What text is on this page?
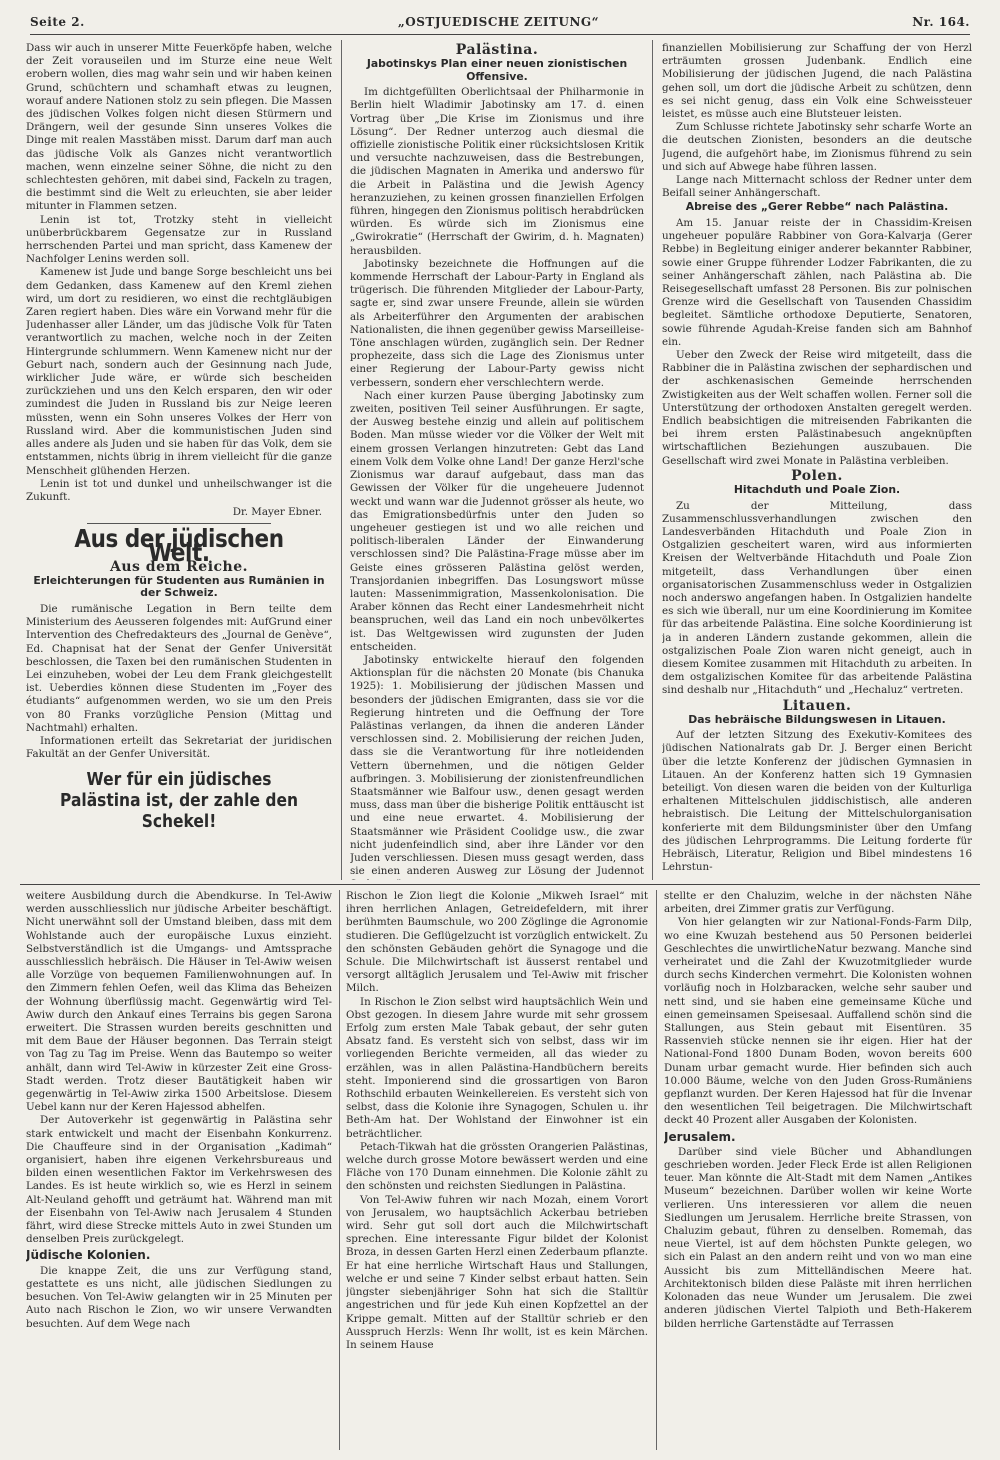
Seite 2.	„OSTJUEDISCHE ZEITUNG“	Nr. 164.

Dass wir auch in unserer Mitte Feuerköpfe haben, welche der Zeit vorauseilen und im Sturze eine neue Welt erobern wollen, dies mag wahr sein und wir haben keinen Grund, schüchtern und schamhaft etwas zu leugnen, worauf andere Nationen stolz zu sein pflegen. Die Massen des jüdischen Volkes folgen nicht diesen Stürmern und Drängern, weil der gesunde Sinn unseres Volkes die Dinge mit realen Masstäben misst. Darum darf man auch das jüdische Volk als Ganzes nicht verantwortlich machen, wenn einzelne seiner Söhne, die nicht zu den schlechtesten gehören, mit dabei sind, Fackeln zu tragen, die bestimmt sind die Welt zu erleuchten, sie aber leider mitunter in Flammen setzen.

Lenin ist tot, Trotzky steht in vielleicht unüberbrückbarem Gegensatze zur in Russland herrschenden Partei und man spricht, dass Kamenew der Nachfolger Lenins werden soll.

Kamenew ist Jude und bange Sorge beschleicht uns bei dem Gedanken, dass Kamenew auf den Kreml ziehen wird, um dort zu residieren, wo einst die rechtgläubigen Zaren regiert haben. Dies wäre ein Vorwand mehr für die Judenhasser aller Länder, um das jüdische Volk für Taten verantwortlich zu machen, welche noch in der Zeiten Hintergrunde schlummern. Wenn Kamenew nicht nur der Geburt nach, sondern auch der Gesinnung nach Jude, wirklicher Jude wäre, er würde sich bescheiden zurückziehen und uns den Kelch ersparen, den wir oder zumindest die Juden in Russland bis zur Neige leeren müssten, wenn ein Sohn unseres Volkes der Herr von Russland wird. Aber die kommunistischen Juden sind alles andere als Juden und sie haben für das Volk, dem sie entstammen, nichts übrig in ihrem vielleicht für die ganze Menschheit glühenden Herzen.

Lenin ist tot und dunkel und unheilschwanger ist die Zukunft.

Dr. Mayer Ebner.
Aus der jüdischen Welt.
Aus dem Reiche.
Erleichterungen für Studenten aus Rumänien in der Schweiz.

Die rumänische Legation in Bern teilte dem Ministerium des Aeusseren folgendes mit: AufGrund einer Intervention des Chefredakteurs des „Journal de Genève“, Ed. Chapnisat hat der Senat der Genfer Universität beschlossen, die Taxen bei den rumänischen Studenten in Lei einzuheben, wobei der Leu dem Frank gleichgestellt ist. Ueberdies können diese Studenten im „Foyer des étudiants“ aufgenommen werden, wo sie um den Preis von 80 Franks vorzügliche Pension (Mittag und Nachtmahl) erhalten.

Informationen erteilt das Sekretariat der juridischen Fakultät an der Genfer Universität.

Wer für ein jüdisches Palästina ist, der zahle den Schekel!
Palästina.
Jabotinskys Plan einer neuen zionistischen Offensive.

Im dichtgefüllten Oberlichtsaal der Philharmonie in Berlin hielt Wladimir Jabotinsky am 17. d. einen Vortrag über „Die Krise im Zionismus und ihre Lösung“. Der Redner unterzog auch diesmal die offizielle zionistische Politik einer rücksichtslosen Kritik und versuchte nachzuweisen, dass die Bestrebungen, die jüdischen Magnaten in Amerika und anderswo für die Arbeit in Palästina und die Jewish Agency heranzuziehen, zu keinen grossen finanziellen Erfolgen führen, hingegen den Zionismus politisch herabdrücken würden. Es würde sich im Zionismus eine „Gwirokratie“ (Herrschaft der Gwirim, d. h. Magnaten) herausbilden.

Jabotinsky bezeichnete die Hoffnungen auf die kommende Herrschaft der Labour-Party in England als trügerisch. Die führenden Mitglieder der Labour-Party, sagte er, sind zwar unsere Freunde, allein sie würden als Arbeiterführer den Argumenten der arabischen Nationalisten, die ihnen gegenüber gewiss Marseilleise-Töne anschlagen würden, zugänglich sein. Der Redner prophezeite, dass sich die Lage des Zionismus unter einer Regierung der Labour-Party gewiss nicht verbessern, sondern eher verschlechtern werde.

Nach einer kurzen Pause überging Jabotinsky zum zweiten, positiven Teil seiner Ausführungen. Er sagte, der Ausweg bestehe einzig und allein auf politischem Boden. Man müsse wieder vor die Völker der Welt mit einem grossen Verlangen hinzutreten: Gebt das Land einem Volk dem Volke ohne Land! Der ganze Herzl'sche Zionismus war darauf aufgebaut, dass man das Gewissen der Völker für die ungeheuere Judennot weckt und wann war die Judennot grösser als heute, wo das Emigrationsbedürfnis unter den Juden so ungeheuer gestiegen ist und wo alle reichen und politisch-liberalen Länder der Einwanderung verschlossen sind? Die Palästina-Frage müsse aber im Geiste eines grösseren Palästina gelöst werden, Transjordanien inbegriffen. Das Losungswort müsse lauten: Massenimmigration, Massenkolonisation. Die Araber können das Recht einer Landesmehrheit nicht beanspruchen, weil das Land ein noch unbevölkertes ist. Das Weltgewissen wird zugunsten der Juden entscheiden.

Jabotinsky entwickelte hierauf den folgenden Aktionsplan für die nächsten 20 Monate (bis Chanuka 1925): 1. Mobilisierung der jüdischen Massen und besonders der jüdischen Emigranten, dass sie vor die Regierung hintreten und die Oeffnung der Tore Palästinas verlangen, da ihnen die anderen Länder verschlossen sind. 2. Mobilisierung der reichen Juden, dass sie die Verantwortung für ihre notleidenden Vettern übernehmen, und die nötigen Gelder aufbringen. 3. Mobilisierung der zionistenfreundlichen Staatsmänner wie Balfour usw., denen gesagt werden muss, dass man über die bisherige Politik enttäuscht ist und eine neue erwartet. 4. Mobilisierung der Staatsmänner wie Präsident Coolidge usw., die zwar nicht judenfeindlich sind, aber ihre Länder vor den Juden verschliessen. Diesen muss gesagt werden, dass sie einen anderen Ausweg zur Lösung der Judennot

finanziellen Mobilisierung zur Schaffung der von Herzl erträumten grossen Judenbank. Endlich eine Mobilisierung der jüdischen Jugend, die nach Palästina gehen soll, um dort die jüdische Arbeit zu schützen, denn es sei nicht genug, dass ein Volk eine Schweissteuer leistet, es müsse auch eine Blutsteuer leisten.

Zum Schlusse richtete Jabotinsky sehr scharfe Worte an die deutschen Zionisten, besonders an die deutsche Jugend, die aufgehört habe, im Zionismus führend zu sein und sich auf Abwege habe führen lassen.

Lange nach Mitternacht schloss der Redner unter dem Beifall seiner Anhängerschaft.

Abreise des „Gerer Rebbe“ nach Palästina.

Am 15. Januar reiste der in Chassidim-Kreisen ungeheuer populäre Rabbiner von Gora-Kalvarja (Gerer Rebbe) in Begleitung einiger anderer bekannter Rabbiner, sowie einer Gruppe führender Lodzer Fabrikanten, die zu seiner Anhängerschaft zählen, nach Palästina ab. Die Reisegesellschaft umfasst 28 Personen. Bis zur polnischen Grenze wird die Gesellschaft von Tausenden Chassidim begleitet. Sämtliche orthodoxe Deputierte, Senatoren, sowie führende Agudah-Kreise fanden sich am Bahnhof ein.

Ueber den Zweck der Reise wird mitgeteilt, dass die Rabbiner die in Palästina zwischen der sephardischen und der aschkenasischen Gemeinde herrschenden Zwistigkeiten aus der Welt schaffen wollen. Ferner soll die Unterstützung der orthodoxen Anstalten geregelt werden. Endlich beabsichtigen die mitreisenden Fabrikanten die bei ihrem ersten Palästinabesuch angeknüpften wirtschaftlichen Beziehungen auszubauen. Die Gesellschaft wird zwei Monate in Palästina verbleiben.

Polen.
Hitachduth und Poale Zion.

Zu der Mitteilung, dass Zusammenschlussverhandlungen zwischen den Landesverbänden Hitachduth und Poale Zion in Ostgalizien gescheitert waren, wird aus informierten Kreisen der Weltverbände Hitachduth und Poale Zion mitgeteilt, dass Verhandlungen über einen organisatorischen Zusammenschluss weder in Ostgalizien noch anderswo angefangen haben. In Ostgalizien handelte es sich wie überall, nur um eine Koordinierung im Komitee für das arbeitende Palästina. Eine solche Koordinierung ist ja in anderen Ländern zustande gekommen, allein die ostgalizischen Poale Zion waren nicht geneigt, auch in diesem Komitee zusammen mit Hitachduth zu arbeiten. In dem ostgalizischen Komitee für das arbeitende Palästina sind deshalb nur „Hitachduth“ und „Hechaluz“ vertreten.

Litauen.
Das hebräische Bildungswesen in Litauen.

Auf der letzten Sitzung des Exekutiv-Komitees des jüdischen Nationalrats gab Dr. J. Berger einen Bericht über die letzte Konferenz der jüdischen Gymnasien in Litauen. An der Konferenz hatten sich 19 Gymnasien beteiligt. Von diesen waren die beiden von der Kulturliga erhaltenen Mittelschulen jiddischistisch, alle anderen hebraistisch. Die Leitung der Mittelschulorganisation konferierte mit dem Bildungsminister über den Umfang des jüdischen Lehrprogramms. Die Leitung forderte für Hebräisch, Literatur, Religion und Bibel mindestens 16 Lehrstun-

weitere Ausbildung durch die Abendkurse. In Tel-Awiw werden ausschliesslich nur jüdische Arbeiter beschäftigt. Nicht unerwähnt soll der Umstand bleiben, dass mit dem Wohlstande auch der europäische Luxus einzieht. Selbstverständlich ist die Umgangs- und Amtssprache ausschliesslich hebräisch. Die Häuser in Tel-Awiw weisen alle Vorzüge von bequemen Familienwohnungen auf. In den Zimmern fehlen Oefen, weil das Klima das Beheizen der Wohnung überflüssig macht. Gegenwärtig wird Tel-Awiw durch den Ankauf eines Terrains bis gegen Sarona erweitert. Die Strassen wurden bereits geschnitten und mit dem Baue der Häuser begonnen. Das Terrain steigt von Tag zu Tag im Preise. Wenn das Bautempo so weiter anhält, dann wird Tel-Awiw in kürzester Zeit eine Gross-Stadt werden. Trotz dieser Bautätigkeit haben wir gegenwärtig in Tel-Awiw zirka 1500 Arbeitslose. Diesem Uebel kann nur der Keren Hajessod abhelfen.

Der Autoverkehr ist gegenwärtig in Palästina sehr stark entwickelt und macht der Eisenbahn Konkurrenz. Die Chauffeure sind in der Organisation „Kadimah“ organisiert, haben ihre eigenen Verkehrsbureaus und bilden einen wesentlichen Faktor im Verkehrswesen des Landes. Es ist heute wirklich so, wie es Herzl in seinem Alt-Neuland gehofft und geträumt hat. Während man mit der Eisenbahn von Tel-Awiw nach Jerusalem 4 Stunden fährt, wird diese Strecke mittels Auto in zwei Stunden um denselben Preis zurückgelegt.

Jüdische Kolonien.

Die knappe Zeit, die uns zur Verfügung stand, gestattete es uns nicht, alle jüdischen Siedlungen zu besuchen. Von Tel-Awiw gelangten wir in 25 Minuten per Auto nach Rischon le Zion, wo wir unsere Verwandten besuchten. Auf dem Wege nach

Rischon le Zion liegt die Kolonie „Mikweh Israel“ mit ihren herrlichen Anlagen, Getreidefeldern, mit ihrer berühmten Baumschule, wo 200 Zöglinge die Agronomie studieren. Die Geflügelzucht ist vorzüglich entwickelt. Zu den schönsten Gebäuden gehört die Synagoge und die Schule. Die Milchwirtschaft ist äusserst rentabel und versorgt alltäglich Jerusalem und Tel-Awiw mit frischer Milch.

In Rischon le Zion selbst wird hauptsächlich Wein und Obst gezogen. In diesem Jahre wurde mit sehr grossem Erfolg zum ersten Male Tabak gebaut, der sehr guten Absatz fand. Es versteht sich von selbst, dass wir im vorliegenden Berichte vermeiden, all das wieder zu erzählen, was in allen Palästina-Handbüchern bereits steht. Imponierend sind die grossartigen von Baron Rothschild erbauten Weinkellereien. Es versteht sich von selbst, dass die Kolonie ihre Synagogen, Schulen u. ihr Beth-Am hat. Der Wohlstand der Einwohner ist ein beträchtlicher.

Petach-Tikwah hat die grössten Orangerien Palästinas, welche durch grosse Motore bewässert werden und eine Fläche von 170 Dunam einnehmen. Die Kolonie zählt zu den schönsten und reichsten Siedlungen in Palästina.

Von Tel-Awiw fuhren wir nach Mozah, einem Vorort von Jerusalem, wo hauptsächlich Ackerbau betrieben wird. Sehr gut soll dort auch die Milchwirtschaft sprechen. Eine interessante Figur bildet der Kolonist Broza, in dessen Garten Herzl einen Zederbaum pflanzte. Er hat eine herrliche Wirtschaft Haus und Stallungen, welche er und seine 7 Kinder selbst erbaut hatten. Sein jüngster siebenjähriger Sohn hat sich die Stalltür angestrichen und für jede Kuh einen Kopfzettel an der Krippe gemalt. Mitten auf der Stalltür schrieb er den Ausspruch Herzls: Wenn Ihr wollt, ist es kein Märchen. In seinem Hause

stellte er den Chaluzim, welche in der nächsten Nähe arbeiten, drei Zimmer gratis zur Verfügung.

Von hier gelangten wir zur National-Fonds-Farm Dilp, wo eine Kwuzah bestehend aus 50 Personen beiderlei Geschlechtes die unwirtlicheNatur bezwang. Manche sind verheiratet und die Zahl der Kwuzotmitglieder wurde durch sechs Kinderchen vermehrt. Die Kolonisten wohnen vorläufig noch in Holzbaracken, welche sehr sauber und nett sind, und sie haben eine gemeinsame Küche und einen gemeinsamen Speisesaal. Auffallend schön sind die Stallungen, aus Stein gebaut mit Eisentüren. 35 Rassenvieh stücke nennen sie ihr eigen. Hier hat der National-Fond 1800 Dunam Boden, wovon bereits 600 Dunam urbar gemacht wurde. Hier befinden sich auch 10.000 Bäume, welche von den Juden Gross-Rumäniens gepflanzt wurden. Der Keren Hajessod hat für die Invenar den wesentlichen Teil beigetragen. Die Milchwirtschaft deckt 40 Prozent aller Ausgaben der Kolonisten.

Jerusalem.

Darüber sind viele Bücher und Abhandlungen geschrieben worden. Jeder Fleck Erde ist allen Religionen teuer. Man könnte die Alt-Stadt mit dem Namen „Antikes Museum“ bezeichnen. Darüber wollen wir keine Worte verlieren. Uns interessieren vor allem die neuen Siedlungen um Jerusalem. Herrliche breite Strassen, von Chaluzim gebaut, führen zu denselben. Romemah, das neue Viertel, ist auf dem höchsten Punkte gelegen, wo sich ein Palast an den andern reiht und von wo man eine Aussicht bis zum Mittelländischen Meere hat. Architektonisch bilden diese Paläste mit ihren herrlichen Kolonaden das neue Wunder um Jerusalem. Die zwei anderen jüdischen Viertel Talpioth und Beth-Hakerem bilden herrliche Gartenstädte auf Terrassen
